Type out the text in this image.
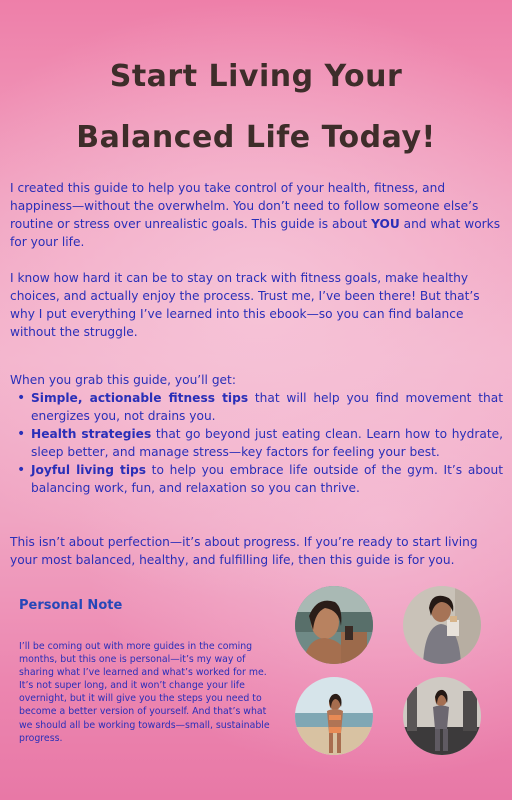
Start Living Your
Balanced Life Today!

I created this guide to help you take control of your health, fitness, and happiness—without the overwhelm. You don’t need to follow someone else’s routine or stress over unrealistic goals. This guide is about YOU and what works for your life.

I know how hard it can be to stay on track with fitness goals, make healthy choices, and actually enjoy the process. Trust me, I’ve been there! But that’s why I put everything I’ve learned into this ebook—so you can find balance without the struggle.

When you grab this guide, you’ll get:

• Simple, actionable fitness tips that will help you find movement that energizes you, not drains you.
• Health strategies that go beyond just eating clean. Learn how to hydrate, sleep better, and manage stress—key factors for feeling your best.
• Joyful living tips to help you embrace life outside of the gym. It’s about balancing work, fun, and relaxation so you can thrive.

This isn’t about perfection—it’s about progress. If you’re ready to start living your most balanced, healthy, and fulfilling life, then this guide is for you.

Personal Note

I’ll be coming out with more guides in the coming months, but this one is personal—it’s my way of sharing what I’ve learned and what’s worked for me. It’s not super long, and it won’t change your life overnight, but it will give you the steps you need to become a better version of yourself. And that’s what we should all be working towards—small, sustainable progress.
